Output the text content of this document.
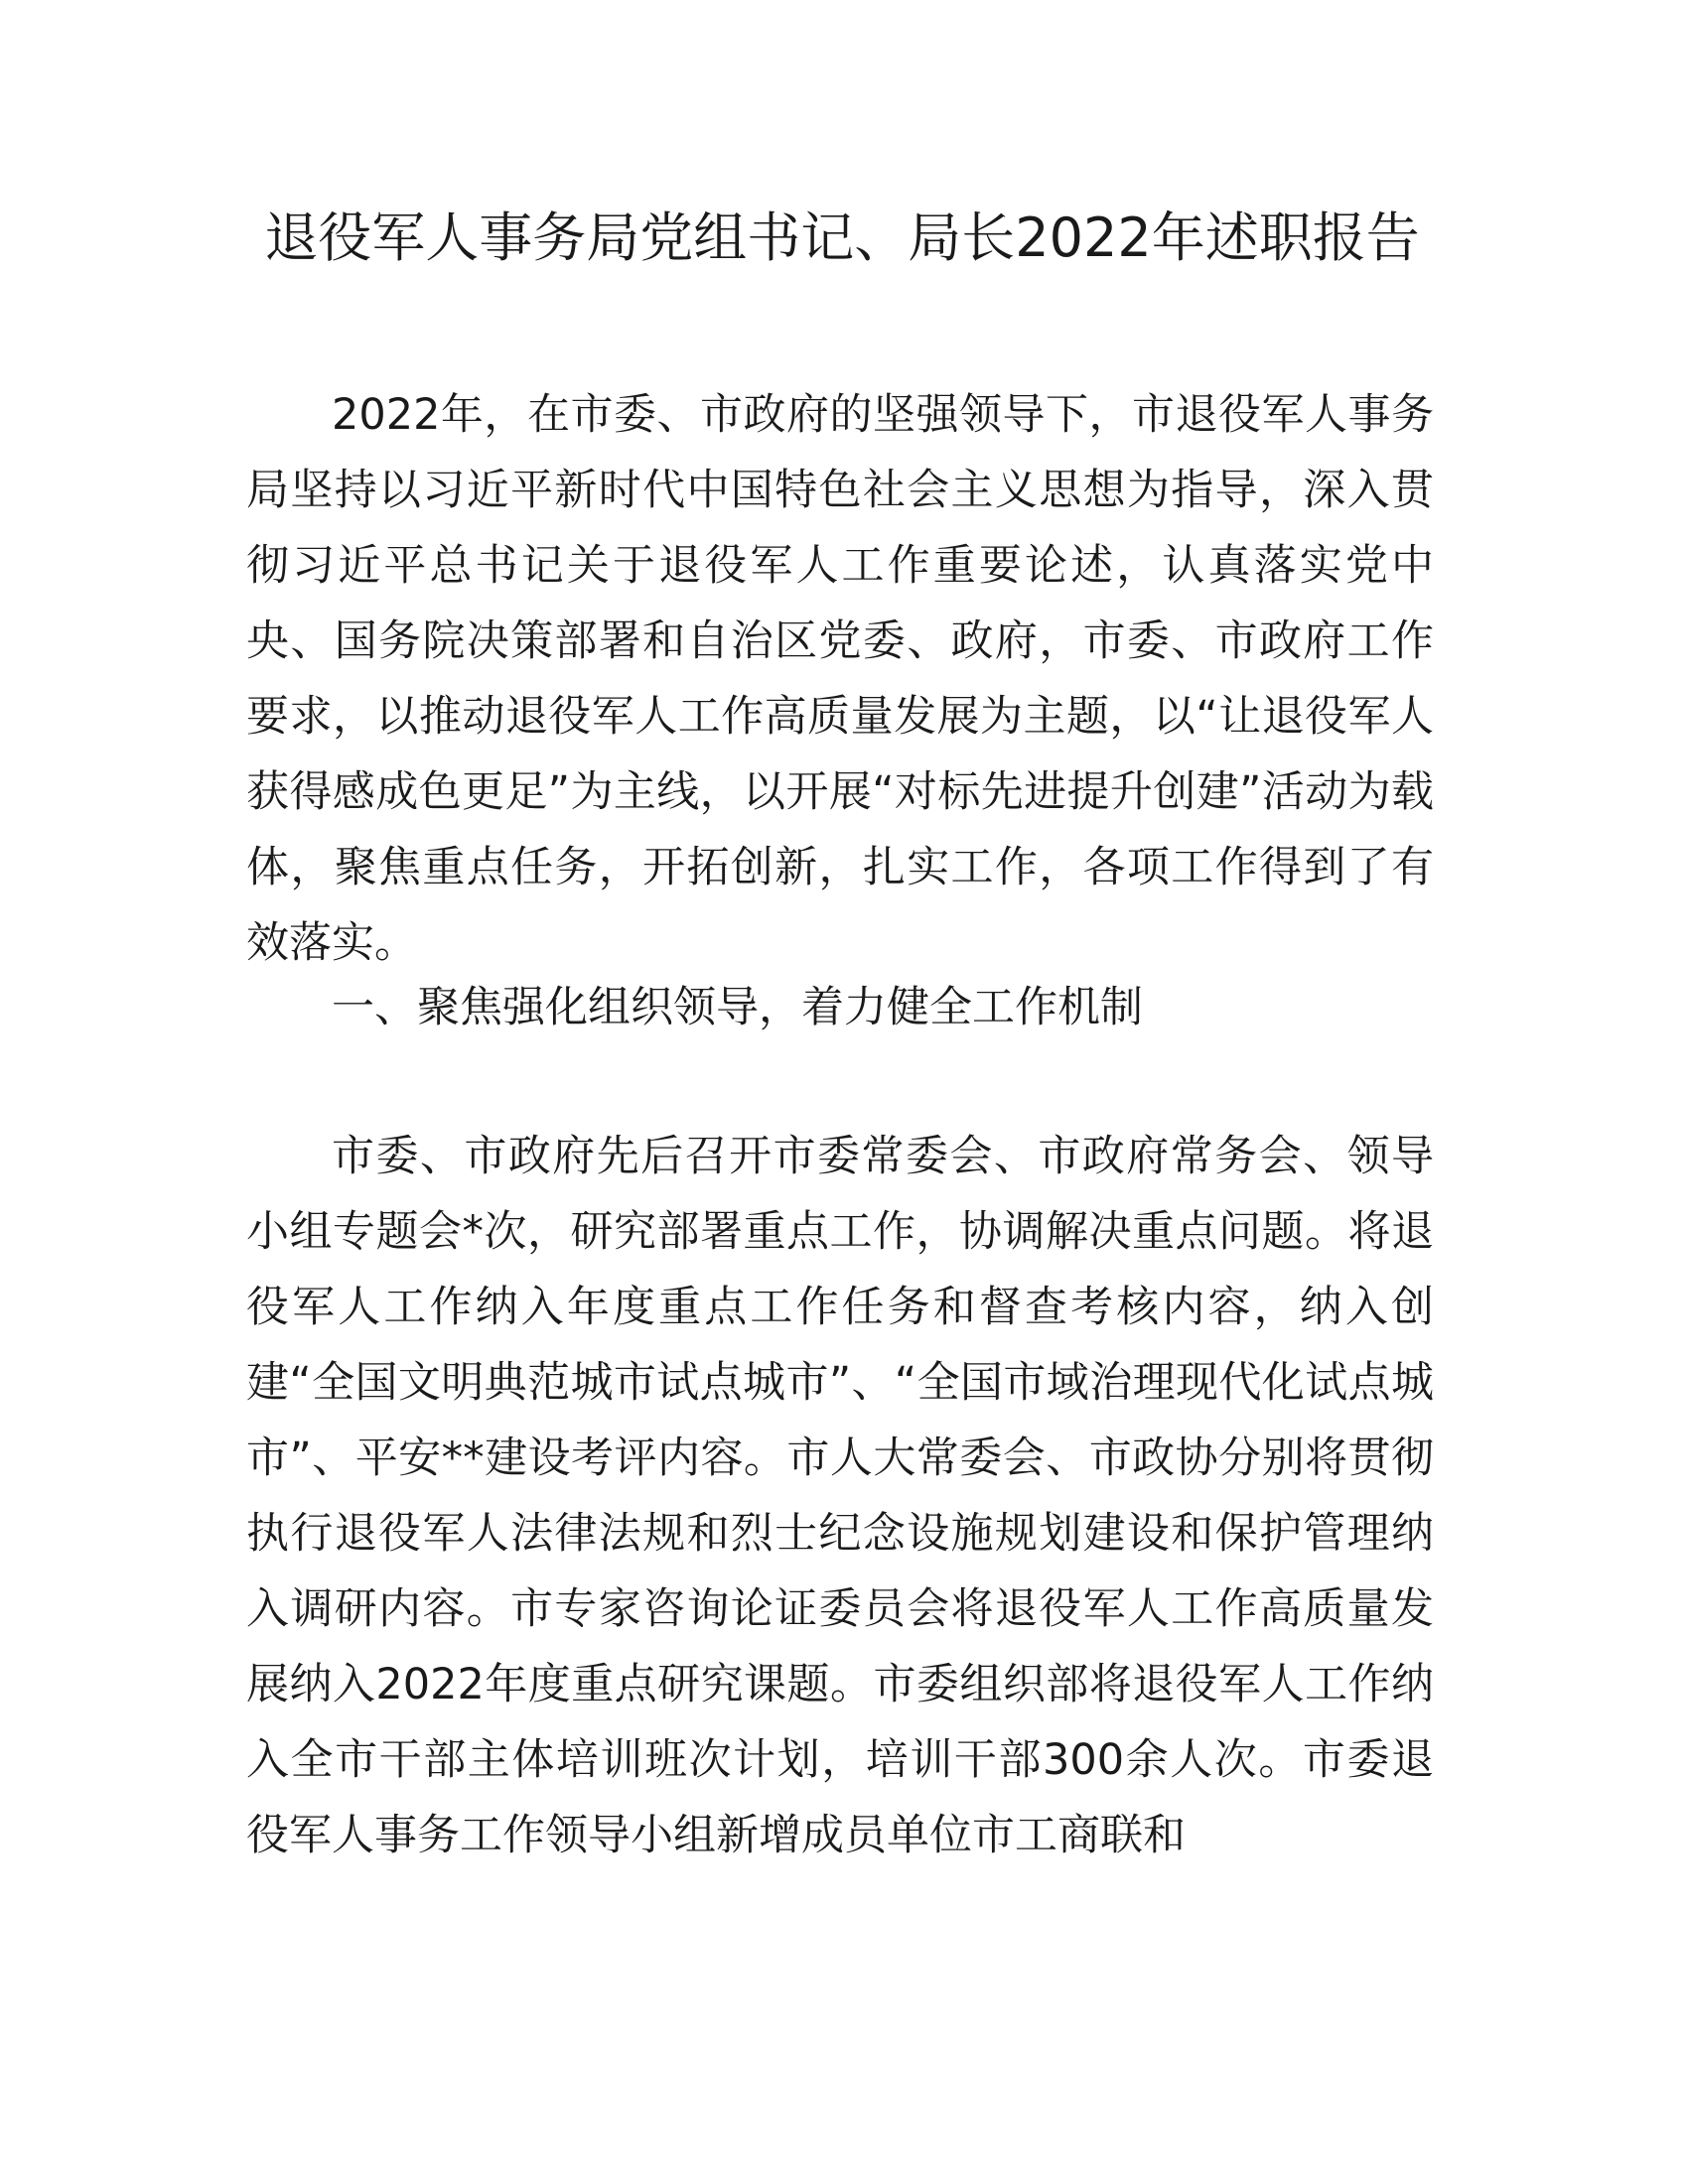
退役军人事务局党组书记、局长2022年述职报告

2022年，在市委、市政府的坚强领导下，市退役军人事务局坚持以习近平新时代中国特色社会主义思想为指导，深入贯彻习近平总书记关于退役军人工作重要论述，认真落实党中央、国务院决策部署和自治区党委、政府，市委、市政府工作要求，以推动退役军人工作高质量发展为主题，以“让退役军人获得感成色更足”为主线，以开展“对标先进提升创建”活动为载体，聚焦重点任务，开拓创新，扎实工作，各项工作得到了有效落实。

一、聚焦强化组织领导，着力健全工作机制

市委、市政府先后召开市委常委会、市政府常务会、领导小组专题会*次，研究部署重点工作，协调解决重点问题。将退役军人工作纳入年度重点工作任务和督查考核内容，纳入创建“全国文明典范城市试点城市”、“全国市域治理现代化试点城市”、平安**建设考评内容。市人大常委会、市政协分别将贯彻执行退役军人法律法规和烈士纪念设施规划建设和保护管理纳入调研内容。市专家咨询论证委员会将退役军人工作高质量发展纳入2022年度重点研究课题。市委组织部将退役军人工作纳入全市干部主体培训班次计划，培训干部300余人次。市委退役军人事务工作领导小组新增成员单位市工商联和
